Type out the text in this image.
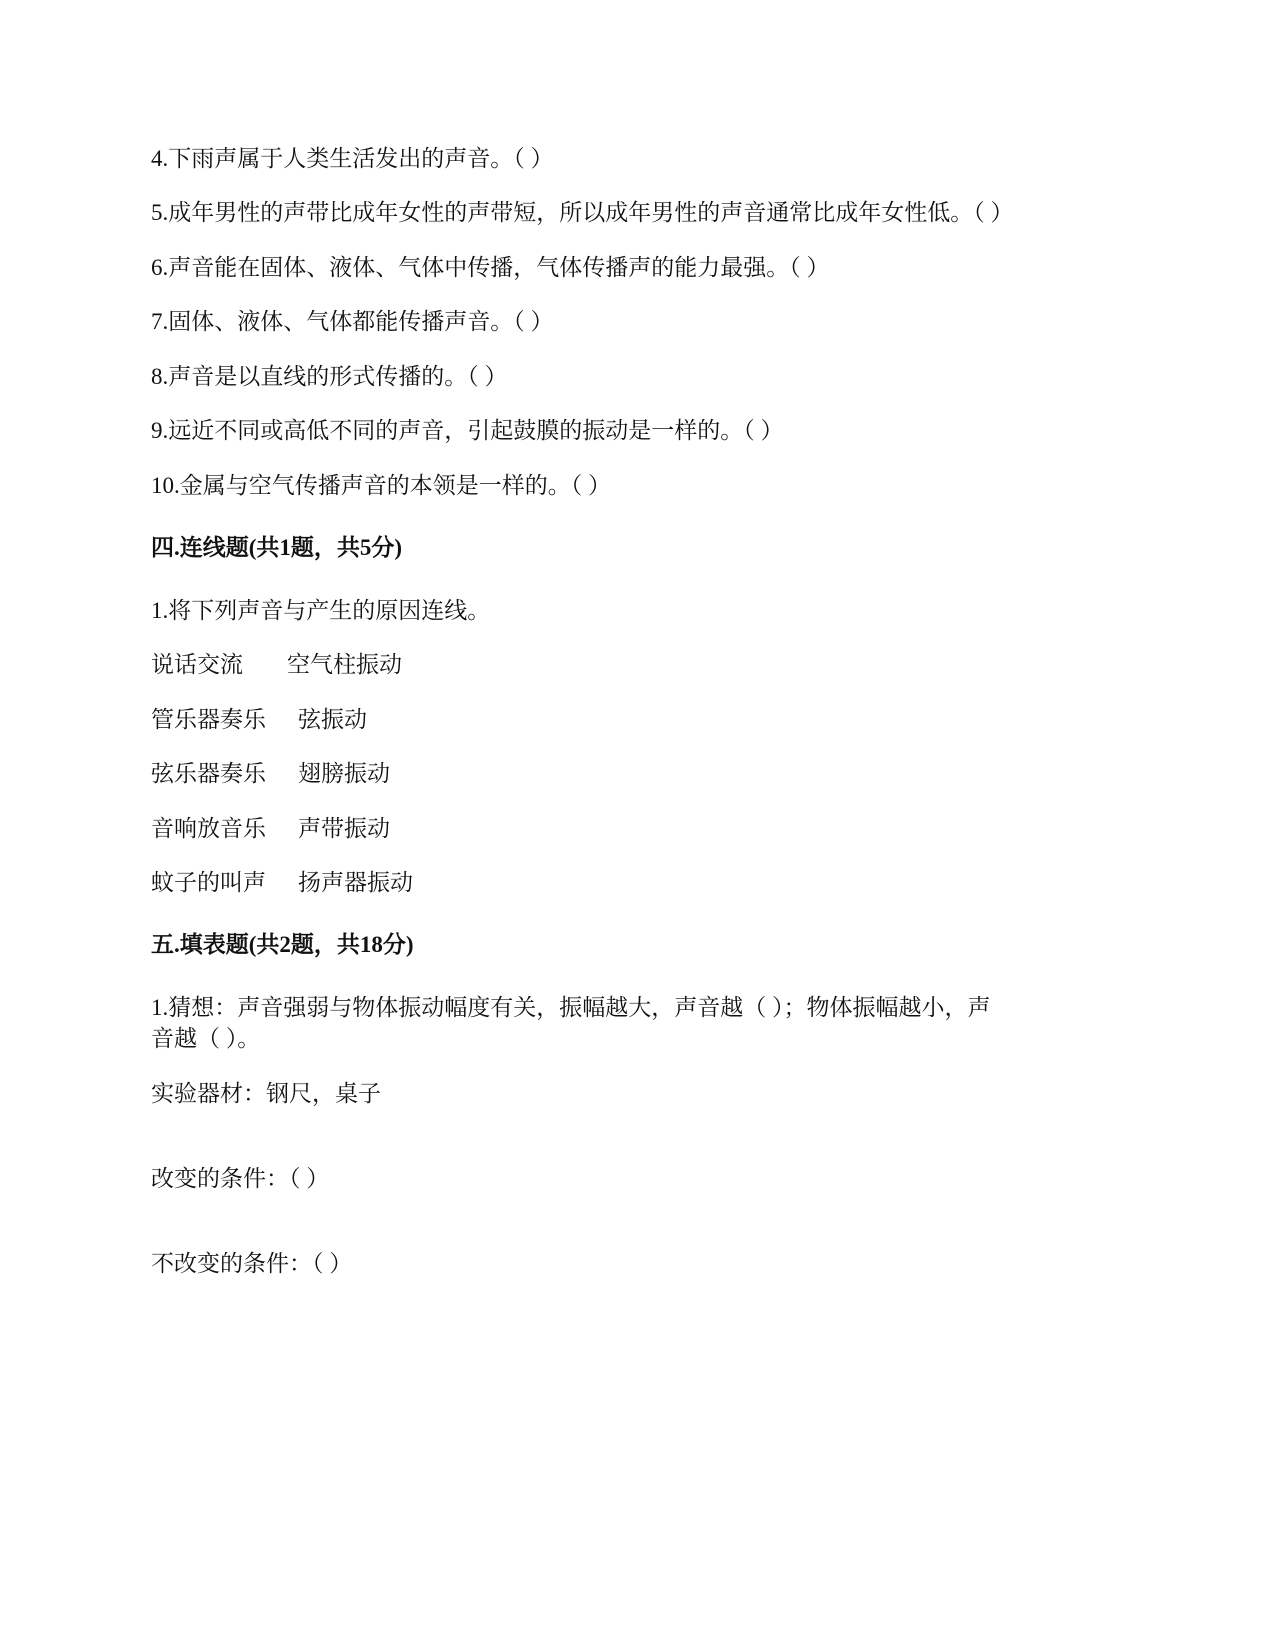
4.下雨声属于人类生活发出的声音。（ ）
5.成年男性的声带比成年女性的声带短，所以成年男性的声音通常比成年女性低。（ ）
6.声音能在固体、液体、气体中传播，气体传播声的能力最强。（ ）
7.固体、液体、气体都能传播声音。（ ）
8.声音是以直线的形式传播的。（ ）
9.远近不同或高低不同的声音，引起鼓膜的振动是一样的。（ ）
10.金属与空气传播声音的本领是一样的。（ ）
四.连线题(共1题，共5分)
1.将下列声音与产生的原因连线。
说话交流 空气柱振动
管乐器奏乐 弦振动
弦乐器奏乐 翅膀振动
音响放音乐 声带振动
蚊子的叫声 扬声器振动
五.填表题(共2题，共18分)
1.猜想：声音强弱与物体振动幅度有关，振幅越大，声音越（ ）；物体振幅越小，声
音越（ ）。
实验器材：钢尺，桌子
改变的条件：（ ）
不改变的条件：（ ）
